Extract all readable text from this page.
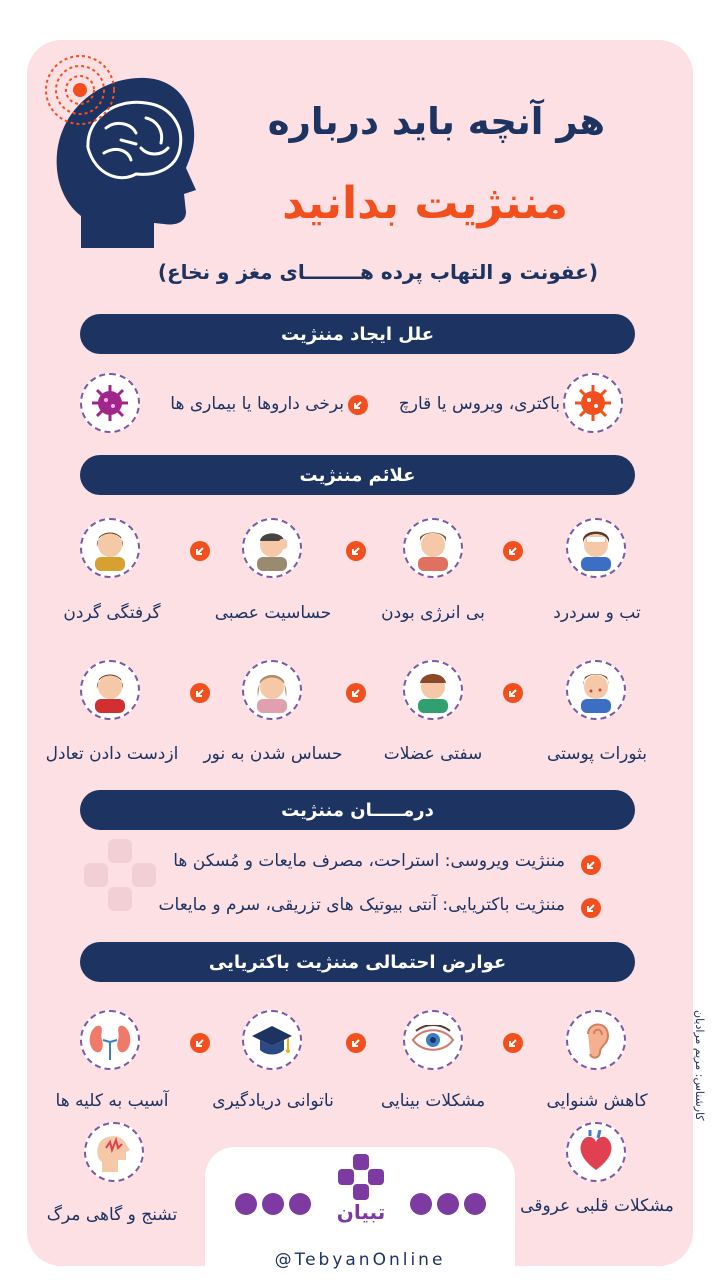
هر آنچه باید درباره
مننژیت بدانید
(عفونت و التهاب پرده هــــــــای مغز و نخاع)
علل ایجاد مننژیت
باکتری، ویروس یا قارچ
برخی داروها یا بیماری ها
علائم مننژیت
تب و سردرد
بی انرژی بودن
حساسیت عصبی
گرفتگی گردن
بثورات پوستی
سفتی عضلات
حساس شدن به نور
ازدست دادن تعادل
درمـــــان مننژیت
مننژیت ویروسی: استراحت، مصرف مایعات و مُسکن ها
مننژیت باکتریایی: آنتی بیوتیک های تزریقی، سرم و مایعات
عوارض احتمالی مننژیت باکتریایی
کاهش شنوایی
مشکلات بینایی
ناتوانی دریادگیری
آسیب به کلیه ها
مشکلات قلبی عروقی
تشنج و گاهی مرگ	تبیان
@TebyanOnline
کارشناس: مریم مرادیان
